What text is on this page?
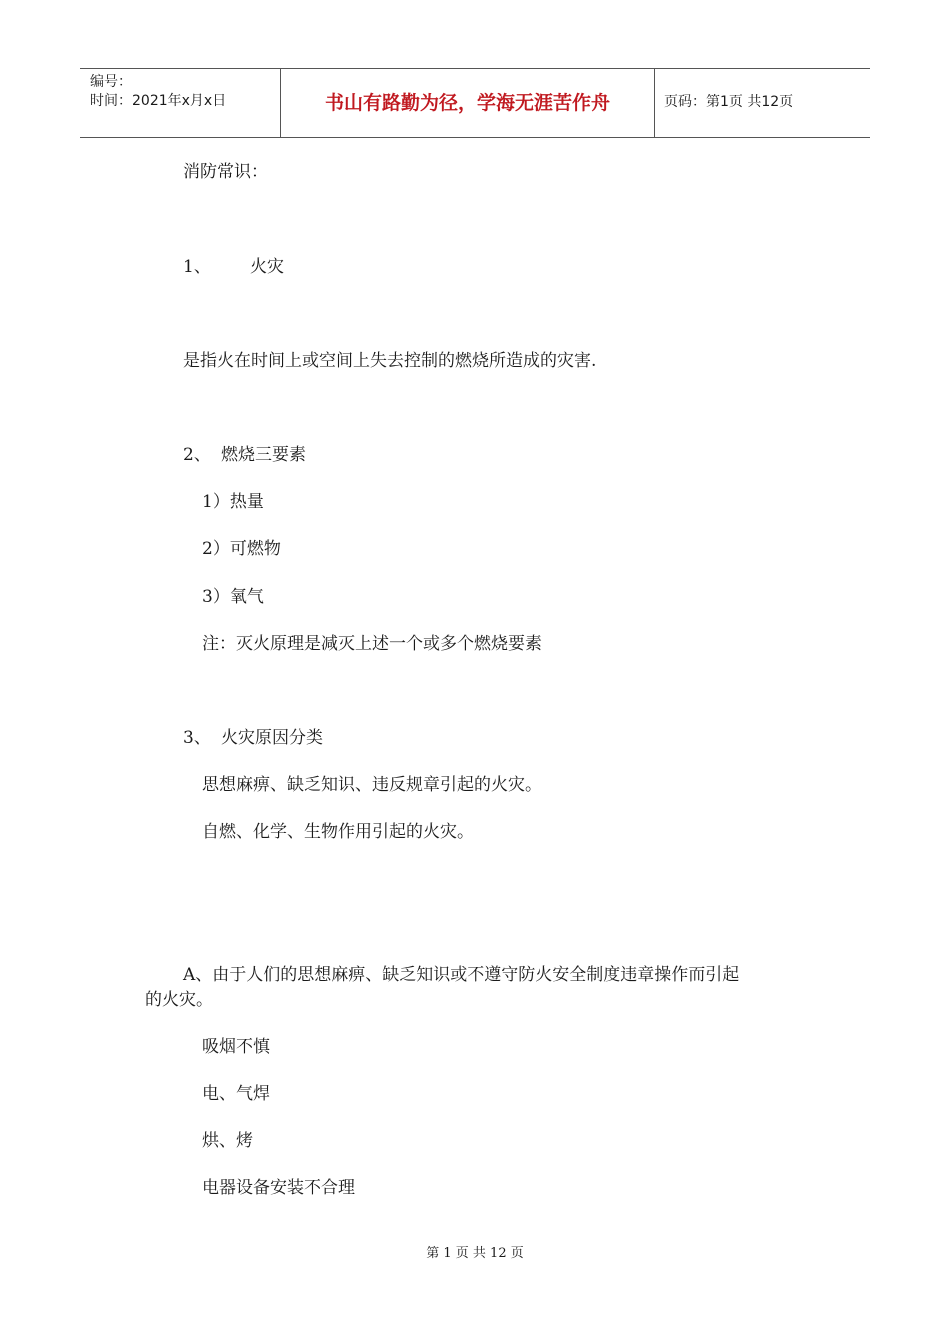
编号：
时间：2021年x月x日	书山有路勤为径，学海无涯苦作舟	页码：第1页 共12页
消防常识：
1、 火灾
是指火在时间上或空间上失去控制的燃烧所造成的灾害.
2、 燃烧三要素
1）热量
2）可燃物
3）氧气
注：灭火原理是减灭上述一个或多个燃烧要素
3、 火灾原因分类
思想麻痹、缺乏知识、违反规章引起的火灾。
自燃、化学、生物作用引起的火灾。
A、由于人们的思想麻痹、缺乏知识或不遵守防火安全制度违章操作而引起
的火灾。
吸烟不慎
电、气焊
烘、烤
电器设备安装不合理
第 1 页 共 12 页
